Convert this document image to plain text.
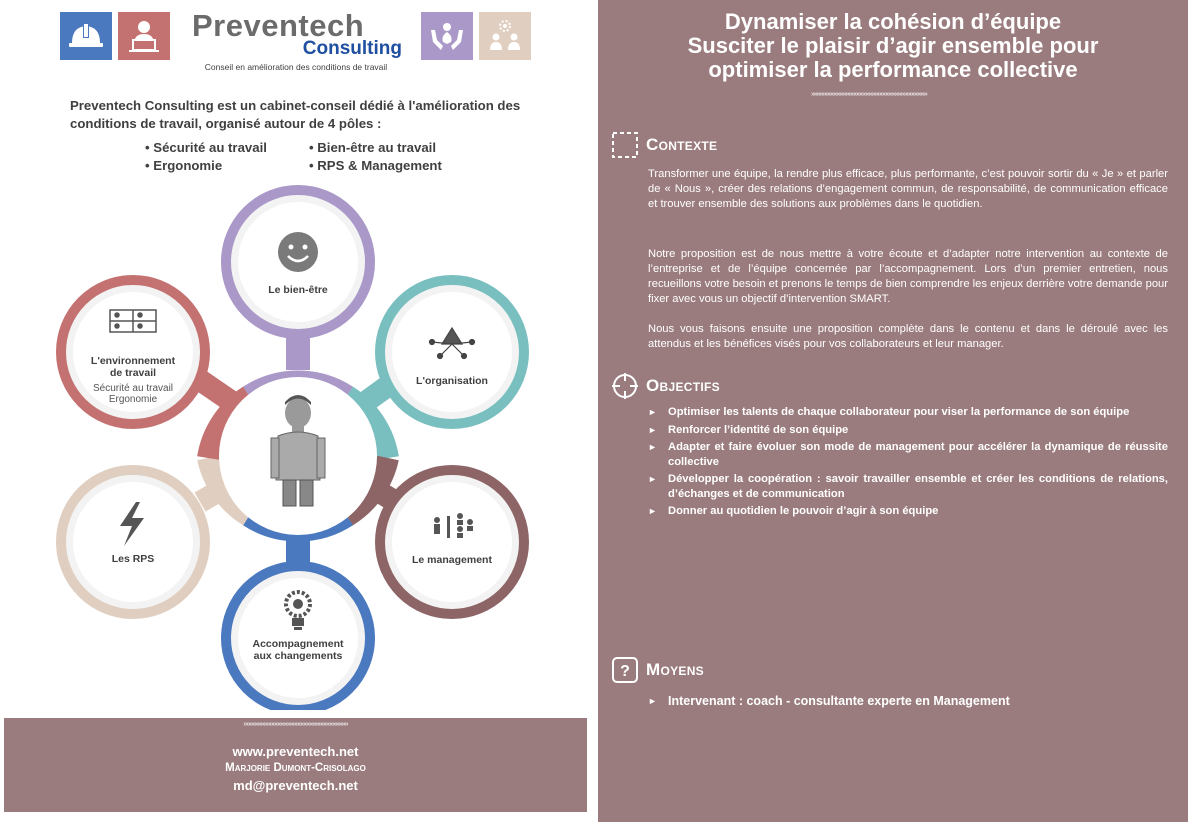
Preventech
Consulting
Conseil en amélioration des conditions de travail
Preventech Consulting est un cabinet-conseil dédié à l'amélioration des conditions de travail, organisé autour de 4 pôles :
• Sécurité au travail	• Bien-être au travail
• Ergonomie	• RPS & Management
Le bien-être
L'organisation
Le management
Accompagnement aux changements
Les RPS
L'environnement de travail
Sécurité au travail Ergonomie
»»»»»»»»»»»»»»»»»»»»»»»»»»»»»»»»»»»»
www.preventech.net
Marjorie Dumont-Crisolago
md@preventech.net
Dynamiser la cohésion d’équipe
Susciter le plaisir d’agir ensemble pour
optimiser la performance collective
»»»»»»»»»»»»»»»»»»»»»»»»»»»»»»»»»»»»»»»»
Contexte
Transformer une équipe, la rendre plus efficace, plus performante, c’est pouvoir sortir du « Je » et parler de « Nous », créer des relations d’engagement commun, de responsabilité, de communication efficace et trouver ensemble des solutions aux problèmes dans le quotidien.
Notre proposition est de nous mettre à votre écoute et d’adapter notre intervention au contexte de l’entreprise et de l’équipe concernée par l’accompagnement. Lors d’un premier entretien, nous recueillons votre besoin et prenons le temps de bien comprendre les enjeux derrière votre demande pour fixer avec vous un objectif d’intervention SMART.
Nous vous faisons ensuite une proposition complète dans le contenu et dans le déroulé avec les attendus et les bénéfices visés pour vos collaborateurs et leur manager.
Objectifs
► Optimiser les talents de chaque collaborateur pour viser la performance de son équipe
► Renforcer l’identité de son équipe
► Adapter et faire évoluer son mode de management pour accélérer la dynamique de réussite collective
► Développer la coopération : savoir travailler ensemble et créer les conditions de relations, d’échanges et de communication
► Donner au quotidien le pouvoir d’agir à son équipe
? Moyens
► Intervenant : coach - consultante experte en Management
